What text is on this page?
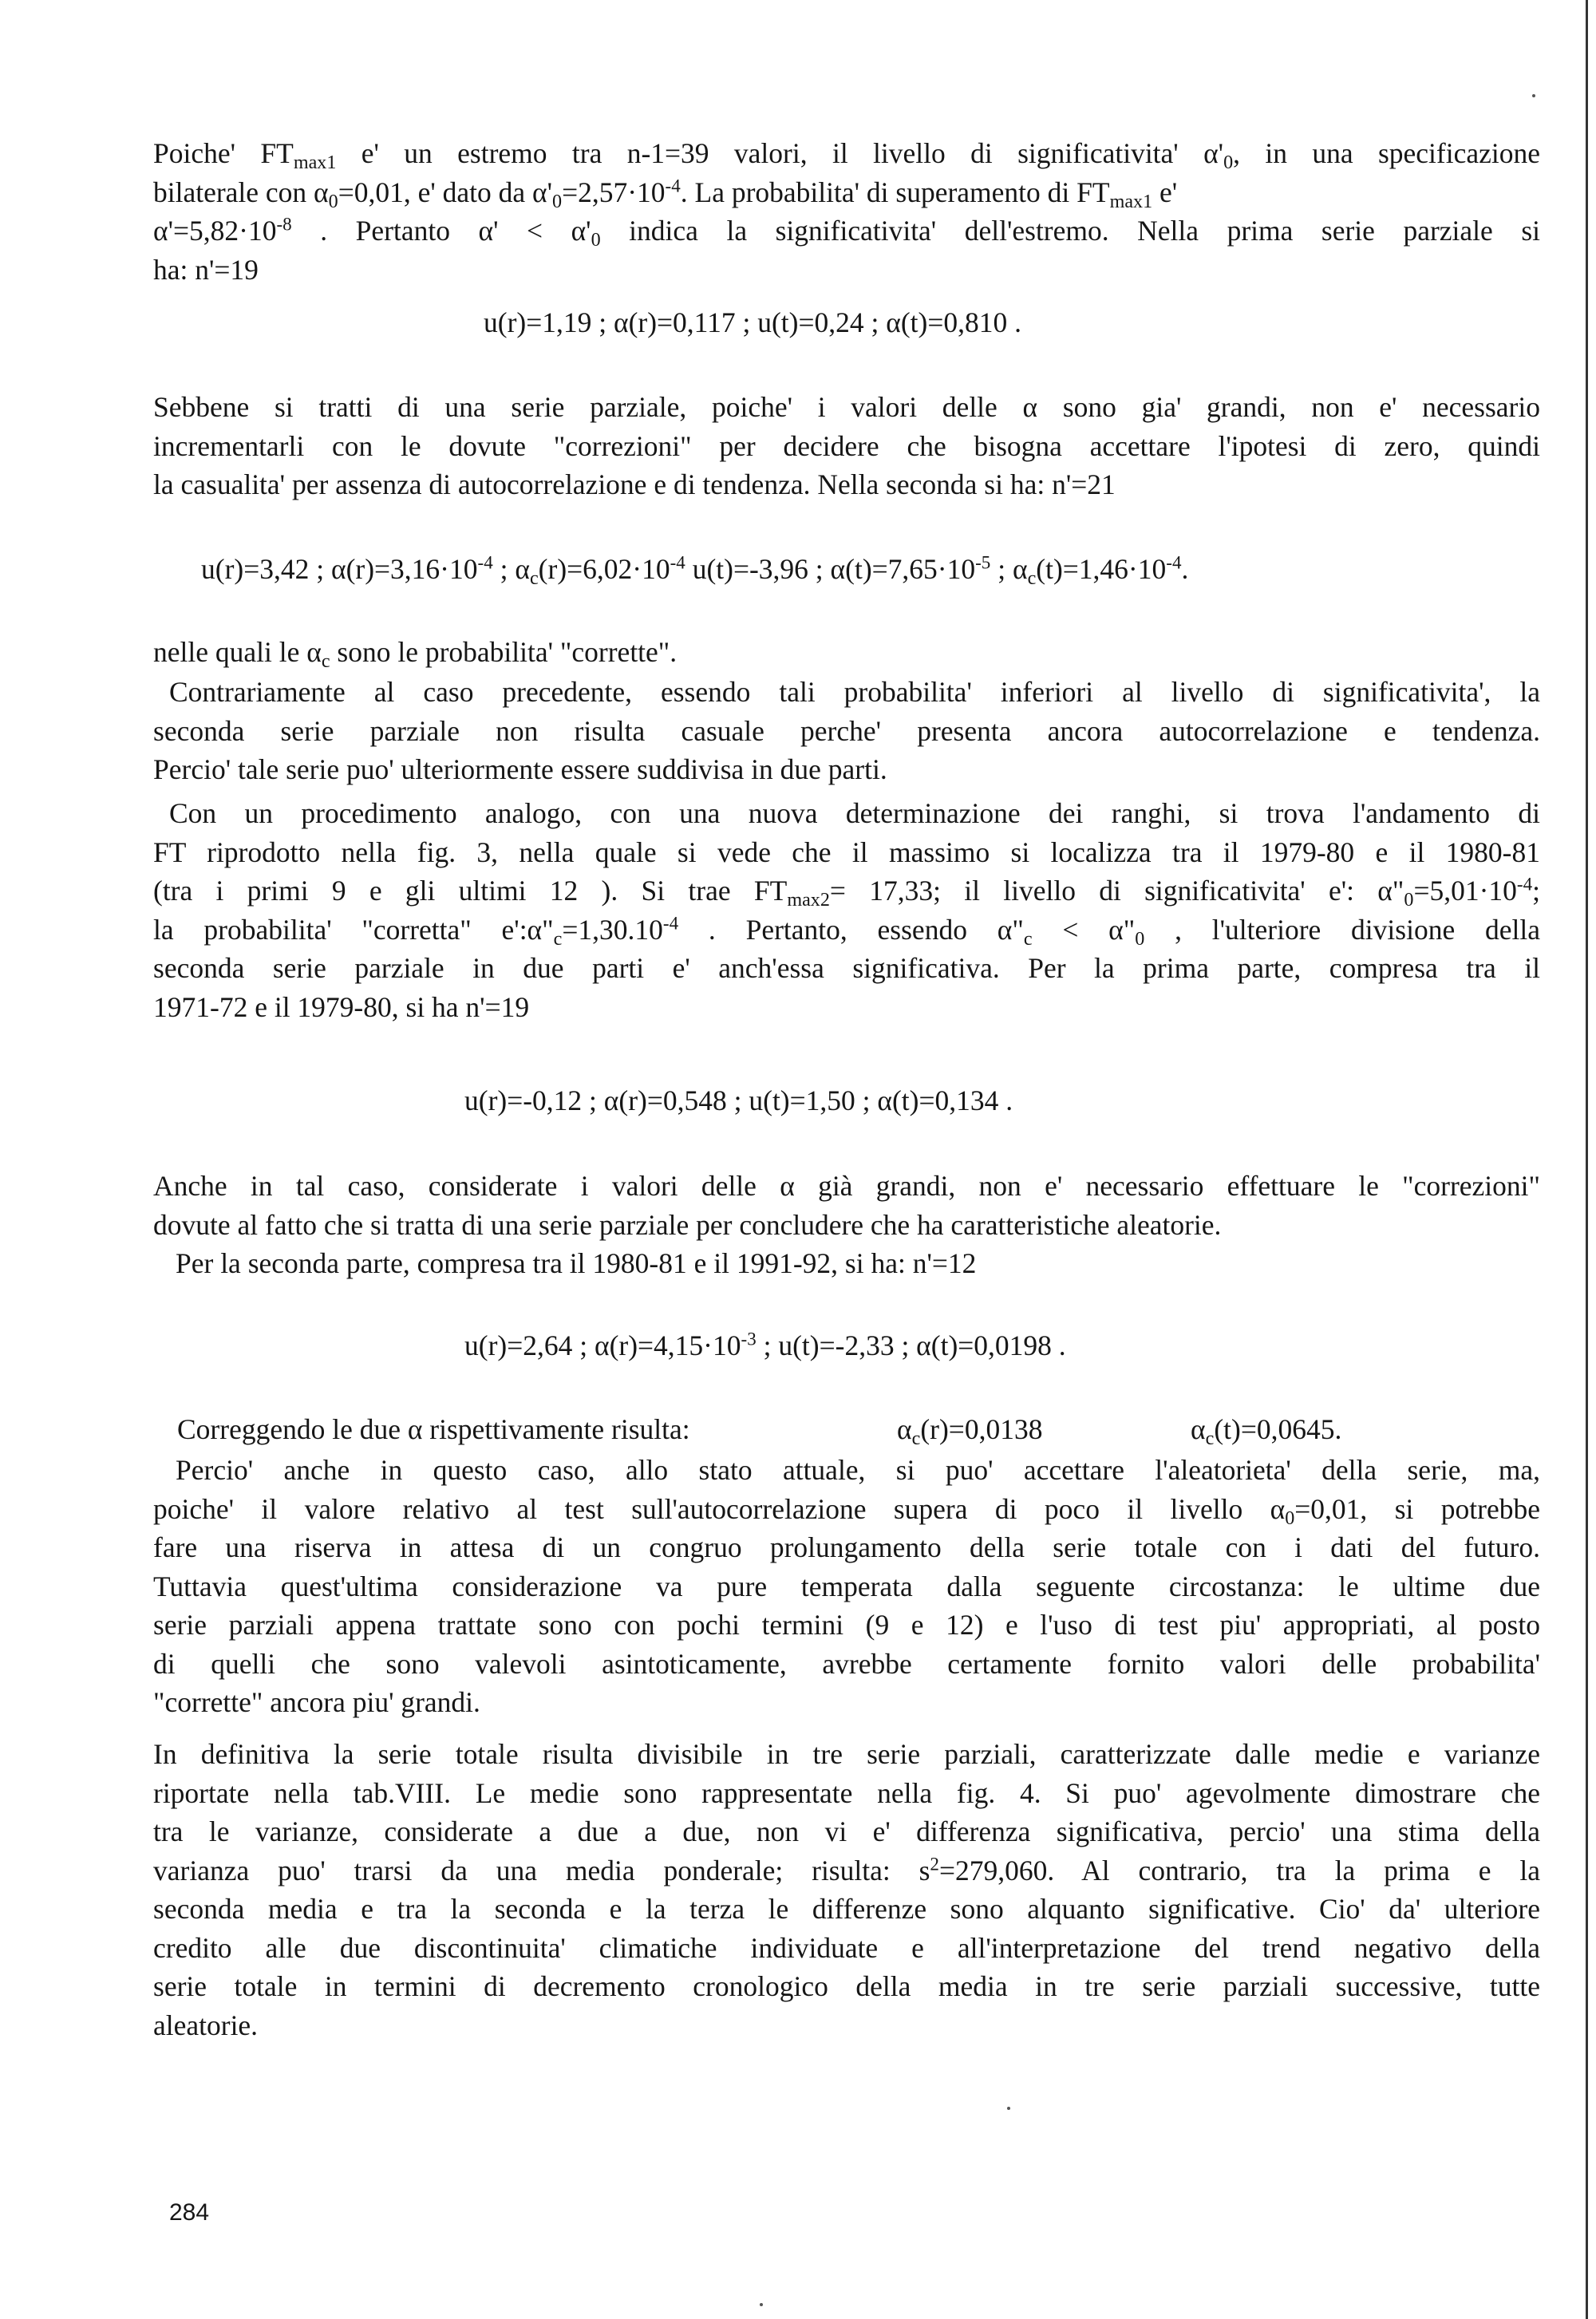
Poiche' $FT_{max1}$ e' un estremo tra n-1=39 valori, il livello di significativita' $\alpha'_0$, in una specificazione
bilaterale con $\alpha_0=0,01$, e' dato da $\alpha'_0=2,57\cdot 10^{-4}$. La probabilita' di superamento di $FT_{max1}$ e'
$\alpha'=5,82\cdot 10^{-8}$ . Pertanto $\alpha' < \alpha'_0$ indica la significativita' dell'estremo. Nella prima serie parziale si
ha: n'=19
u(r)=1,19 ; α(r)=0,117 ; u(t)=0,24 ; α(t)=0,810 .
Sebbene si tratti di una serie parziale, poiche' i valori delle α sono gia' grandi, non e' necessario
incrementarli con le dovute "correzioni" per decidere che bisogna accettare l'ipotesi di zero, quindi
la casualita' per assenza di autocorrelazione e di tendenza. Nella seconda si ha: n'=21
u(r)=3,42 ; $\alpha(r)=3,16\cdot 10^{-4}$ ; $\alpha_c(r)=6,02\cdot 10^{-4}$ u(t)=-3,96 ; $\alpha(t)=7,65\cdot 10^{-5}$ ; $\alpha_c(t)=1,46\cdot 10^{-4}$.
nelle quali le $\alpha_c$ sono le probabilita' "corrette".
Contrariamente al caso precedente, essendo tali probabilita' inferiori al livello di significativita', la
seconda serie parziale non risulta casuale perche' presenta ancora autocorrelazione e tendenza.
Percio' tale serie puo' ulteriormente essere suddivisa in due parti.
Con un procedimento analogo, con una nuova determinazione dei ranghi, si trova l'andamento di
FT riprodotto nella fig. 3, nella quale si vede che il massimo si localizza tra il 1979-80 e il 1980-81
(tra i primi 9 e gli ultimi 12 ). Si trae $FT_{max2}= 17,33$; il livello di significativita' e': $\alpha"_0=5,01\cdot 10^{-4}$;
la probabilita' "corretta" $e':\alpha"_c=1,30.10^{-4}$ . Pertanto, essendo $\alpha"_c$ < $\alpha"_0$ , l'ulteriore divisione della
seconda serie parziale in due parti e' anch'essa significativa. Per la prima parte, compresa tra il
1971-72 e il 1979-80, si ha n'=19
u(r)=-0,12 ; α(r)=0,548 ; u(t)=1,50 ; α(t)=0,134 .
Anche in tal caso, considerate i valori delle α già grandi, non e' necessario effettuare le "correzioni"
dovute al fatto che si tratta di una serie parziale per concludere che ha caratteristiche aleatorie.
Per la seconda parte, compresa tra il 1980-81 e il 1991-92, si ha: n'=12
u(r)=2,64 ; $\alpha(r)=4,15\cdot 10^{-3}$ ; u(t)=-2,33 ; α(t)=0,0198 .
Correggendo le due α rispettivamente risulta:	$\alpha_c(r)=0,0138$	$\alpha_c(t)=0,0645$.
Percio' anche in questo caso, allo stato attuale, si puo' accettare l'aleatorieta' della serie, ma,
poiche' il valore relativo al test sull'autocorrelazione supera di poco il livello $\alpha_0=0,01$, si potrebbe
fare una riserva in attesa di un congruo prolungamento della serie totale con i dati del futuro.
Tuttavia quest'ultima considerazione va pure temperata dalla seguente circostanza: le ultime due
serie parziali appena trattate sono con pochi termini (9 e 12) e l'uso di test piu' appropriati, al posto
di quelli che sono valevoli asintoticamente, avrebbe certamente fornito valori delle probabilita'
"corrette" ancora piu' grandi.
In definitiva la serie totale risulta divisibile in tre serie parziali, caratterizzate dalle medie e varianze
riportate nella tab.VIII. Le medie sono rappresentate nella fig. 4. Si puo' agevolmente dimostrare che
tra le varianze, considerate a due a due, non vi e' differenza significativa, percio' una stima della
varianza puo' trarsi da una media ponderale; risulta: $s^2=279,060$. Al contrario, tra la prima e la
seconda media e tra la seconda e la terza le differenze sono alquanto significative. Cio' da' ulteriore
credito alle due discontinuita' climatiche individuate e all'interpretazione del trend negativo della
serie totale in termini di decremento cronologico della media in tre serie parziali successive, tutte
aleatorie.
284
